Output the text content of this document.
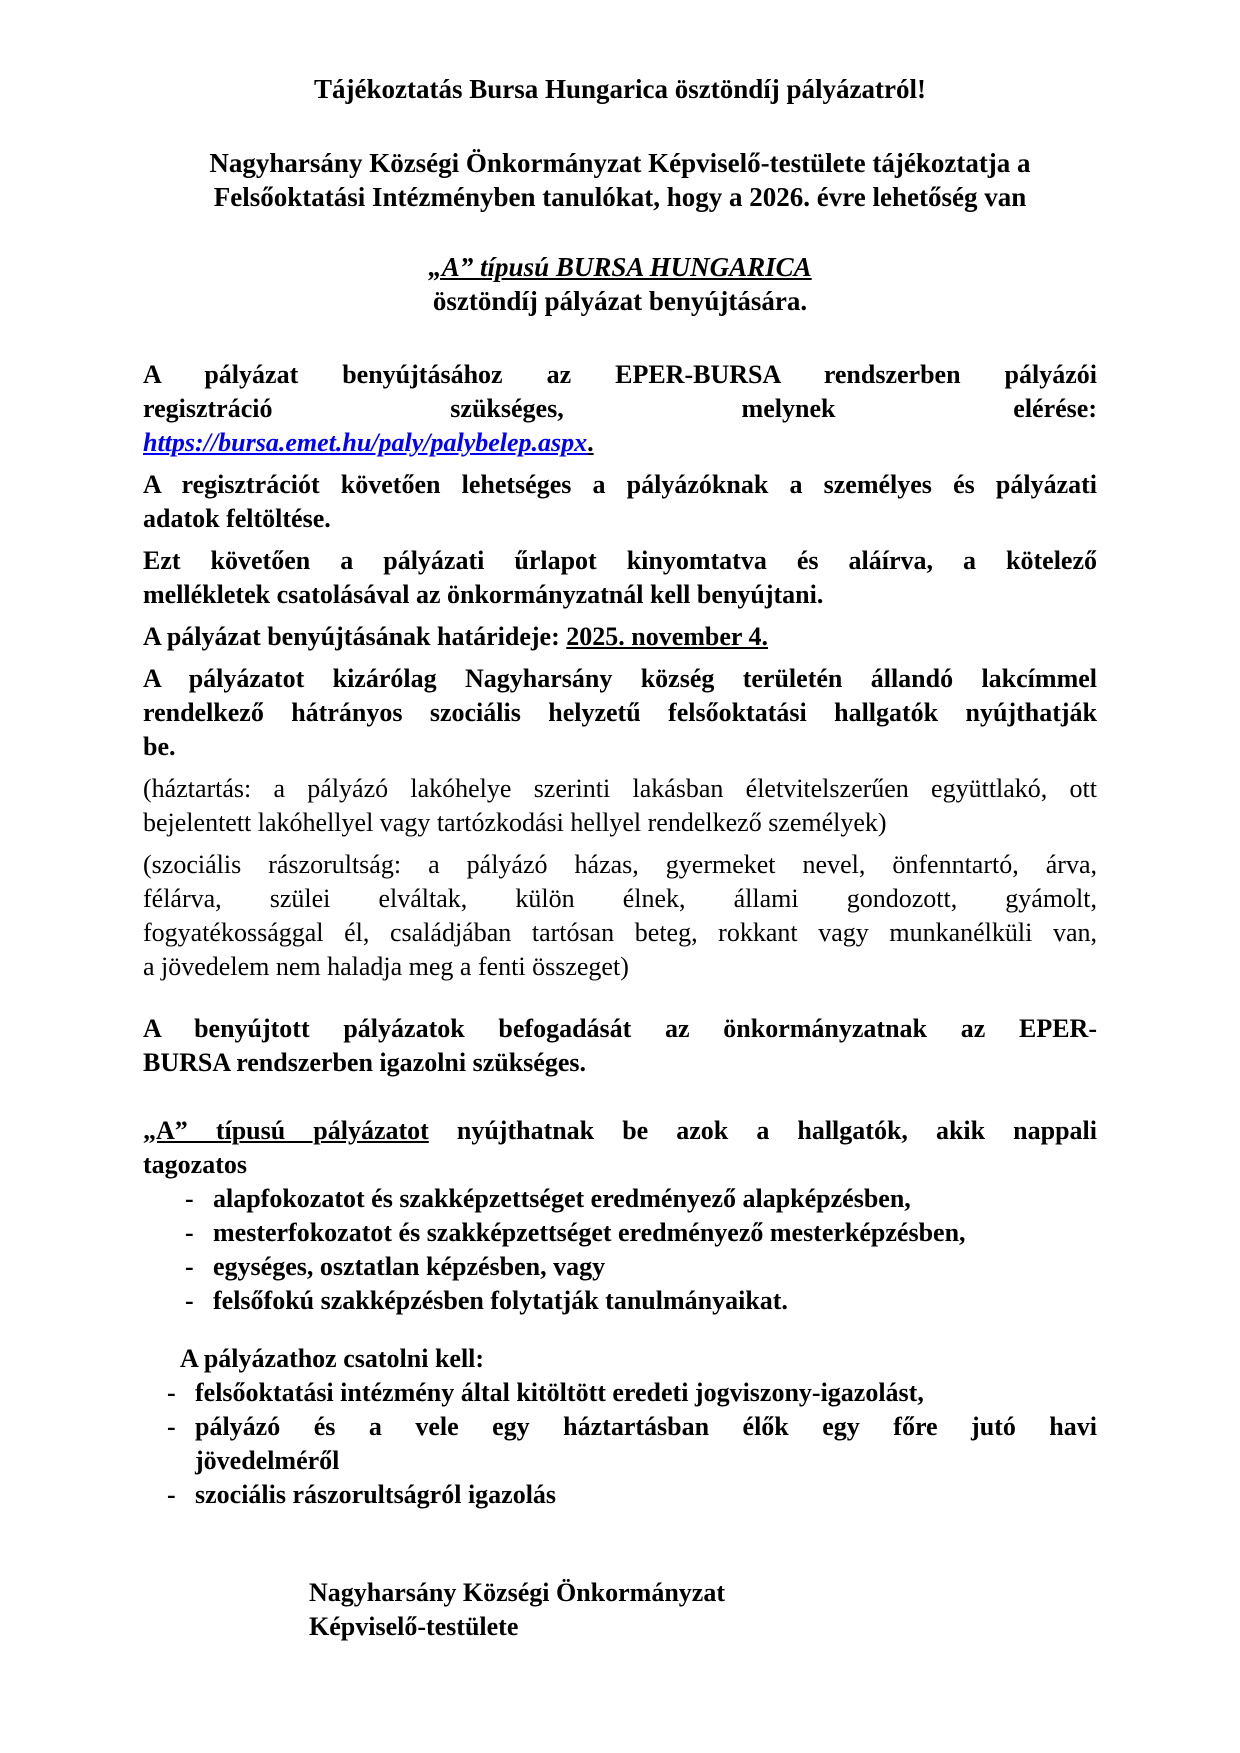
Tájékoztatás Bursa Hungarica ösztöndíj pályázatról!
Nagyharsány Községi Önkormányzat Képviselő-testülete tájékoztatja a
Felsőoktatási Intézményben tanulókat, hogy a 2026. évre lehetőség van
„A” típusú BURSA HUNGARICA
ösztöndíj pályázat benyújtására.
A pályázat benyújtásához az EPER-BURSA rendszerben pályázói
regisztráció szükséges, melynek elérése:
https://bursa.emet.hu/paly/palybelep.aspx.
A regisztrációt követően lehetséges a pályázóknak a személyes és pályázati
adatok feltöltése.
Ezt követően a pályázati űrlapot kinyomtatva és aláírva, a kötelező
mellékletek csatolásával az önkormányzatnál kell benyújtani.
A pályázat benyújtásának határideje: 2025. november 4.
A pályázatot kizárólag Nagyharsány község területén állandó lakcímmel
rendelkező hátrányos szociális helyzetű felsőoktatási hallgatók nyújthatják
be.
(háztartás: a pályázó lakóhelye szerinti lakásban életvitelszerűen együttlakó, ott
bejelentett lakóhellyel vagy tartózkodási hellyel rendelkező személyek)
(szociális rászorultság: a pályázó házas, gyermeket nevel, önfenntartó, árva,
félárva, szülei elváltak, külön élnek, állami gondozott, gyámolt,
fogyatékossággal él, családjában tartósan beteg, rokkant vagy munkanélküli van,
a jövedelem nem haladja meg a fenti összeget)
A benyújtott pályázatok befogadását az önkormányzatnak az EPER-
BURSA rendszerben igazolni szükséges.
„A” típusú pályázatot nyújthatnak be azok a hallgatók, akik nappali
tagozatos
- alapfokozatot és szakképzettséget eredményező alapképzésben,
- mesterfokozatot és szakképzettséget eredményező mesterképzésben,
- egységes, osztatlan képzésben, vagy
- felsőfokú szakképzésben folytatják tanulmányaikat.
A pályázathoz csatolni kell:
- felsőoktatási intézmény által kitöltött eredeti jogviszony-igazolást,
- pályázó és a vele egy háztartásban élők egy főre jutó havi
jövedelméről
- szociális rászorultságról igazolás
Nagyharsány Községi Önkormányzat
Képviselő-testülete
